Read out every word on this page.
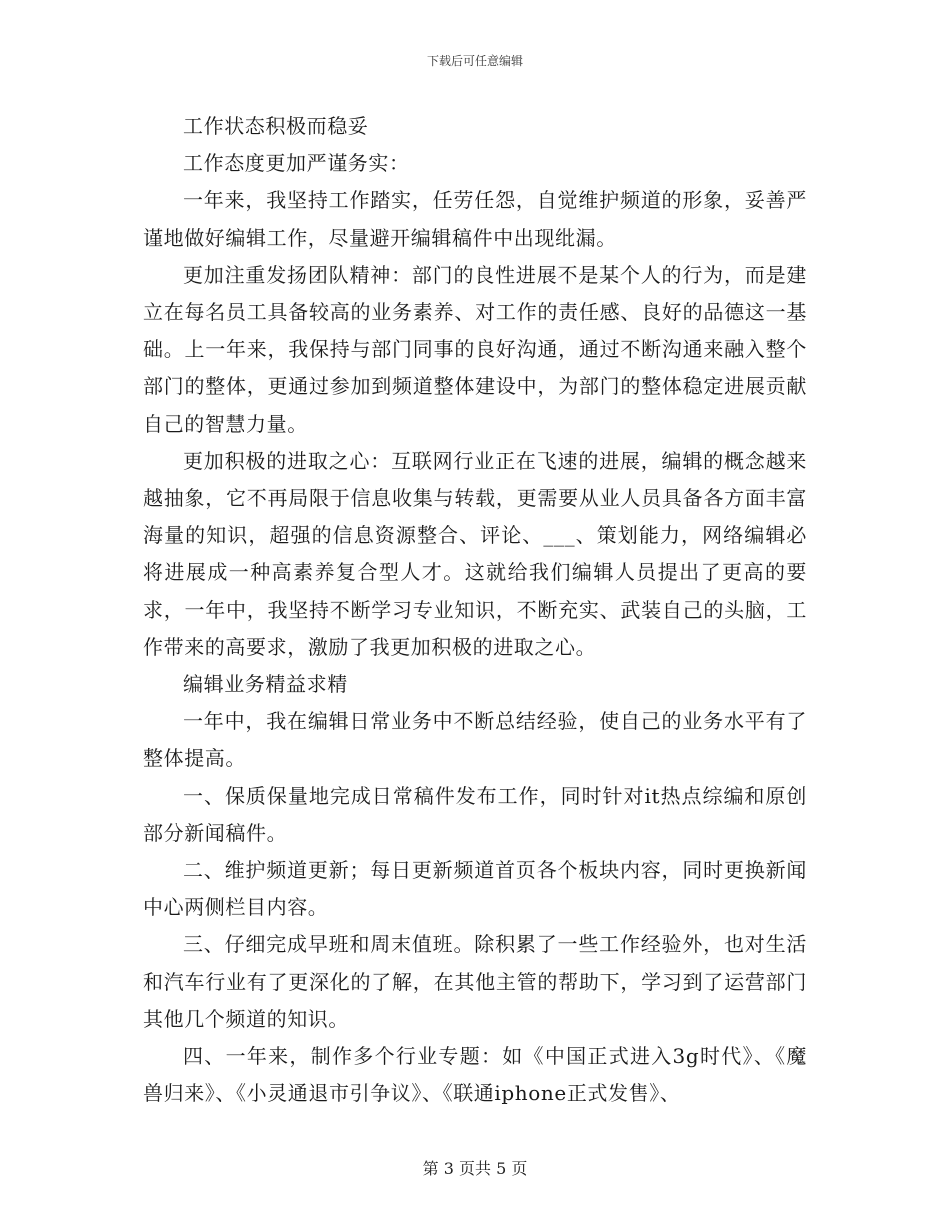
下载后可任意编辑

工作状态积极而稳妥

工作态度更加严谨务实：

一年来，我坚持工作踏实，任劳任怨，自觉维护频道的形象，妥善严谨地做好编辑工作，尽量避开编辑稿件中出现纰漏。

更加注重发扬团队精神：部门的良性进展不是某个人的行为，而是建立在每名员工具备较高的业务素养、对工作的责任感、良好的品德这一基础。上一年来，我保持与部门同事的良好沟通，通过不断沟通来融入整个部门的整体，更通过参加到频道整体建设中，为部门的整体稳定进展贡献自己的智慧力量。

更加积极的进取之心：互联网行业正在飞速的进展，编辑的概念越来越抽象，它不再局限于信息收集与转载，更需要从业人员具备各方面丰富海量的知识，超强的信息资源整合、评论、___、策划能力，网络编辑必将进展成一种高素养复合型人才。这就给我们编辑人员提出了更高的要求，一年中，我坚持不断学习专业知识，不断充实、武装自己的头脑，工作带来的高要求，激励了我更加积极的进取之心。

编辑业务精益求精

一年中，我在编辑日常业务中不断总结经验，使自己的业务水平有了整体提高。

一、保质保量地完成日常稿件发布工作，同时针对it热点综编和原创部分新闻稿件。

二、维护频道更新；每日更新频道首页各个板块内容，同时更换新闻中心两侧栏目内容。

三、仔细完成早班和周末值班。除积累了一些工作经验外，也对生活和汽车行业有了更深化的了解，在其他主管的帮助下，学习到了运营部门其他几个频道的知识。

四、一年来，制作多个行业专题：如《中国正式进入3g时代》、《魔兽归来》、《小灵通退市引争议》、《联通iphone正式发售》、

第 3 页共 5 页
